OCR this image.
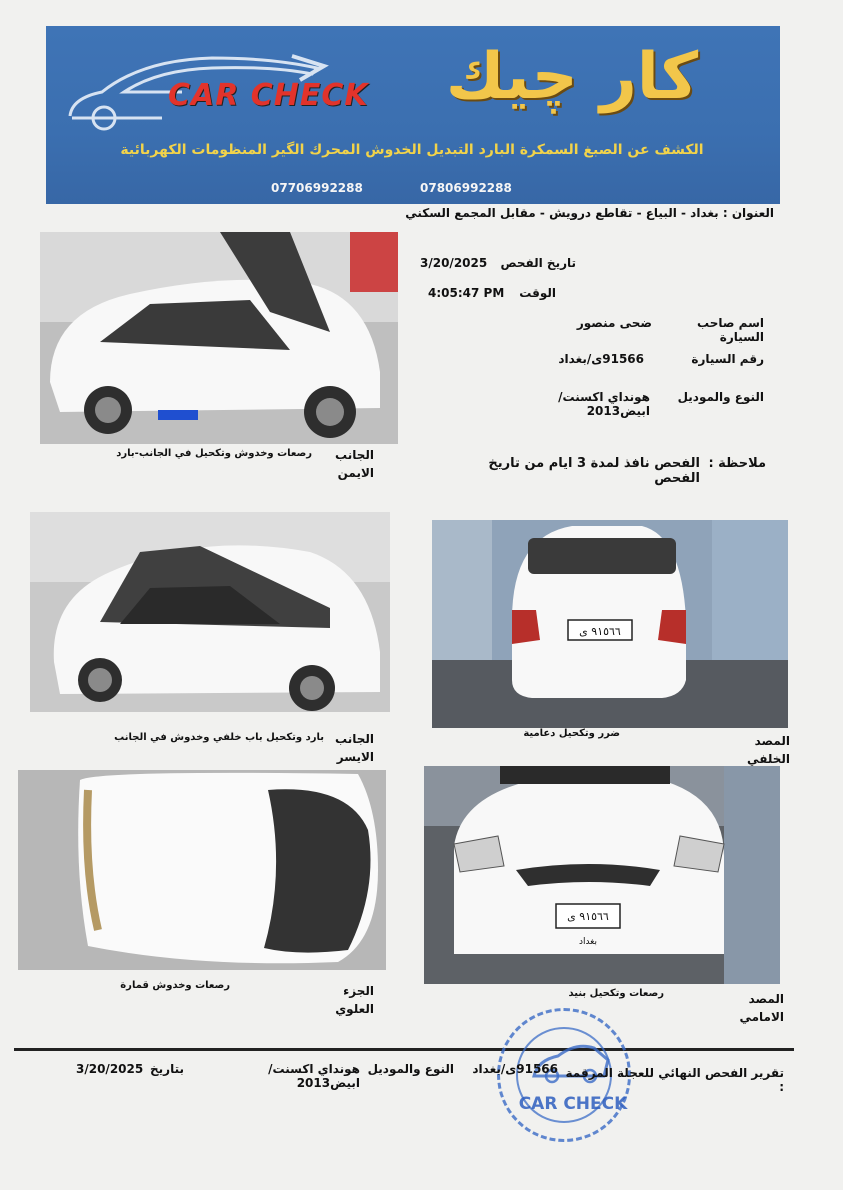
CAR CHECK	كار چيك
الكشف عن الصبغ السمكرة البارد التبديل الخدوش المحرك الگير المنظومات الكهربائية
07706992288	07806992288
العنوان : بغداد - البياع - تقاطع درويش - مقابل المجمع السكني
تاريخ الفحص
3/20/2025
الوقت
4:05:47 PM
اسم صاحب السيارة
ضحى منصور
رقم السيارة
91566ى/بغداد
النوع والموديل
هونداي اكسنت/ابيض2013
ملاحظة :
الفحص نافذ لمدة 3 ايام من تاريخ الفحص
الجانب
الايمن
رصعات وخدوش وتكحيل في الجانب-بارد
٩١٥٦٦ ى
الجانب
الايسر
بارد وتكحيل باب خلفي وخدوش في الجانب	المصد
الخلفي
ضرر وتكحيل دعامية
٩١٥٦٦ ى
بغداد
الجزء
العلوي
رصعات وخدوش قمارة
المصد
الامامي
رصعات وتكحيل بنيد
CAR CHECK
تقرير الفحص النهائي للعجلة المرقمة :
91566ى/بغداد
النوع والموديل
هونداي اكسنت/ابيض2013
بتاريخ
3/20/2025
